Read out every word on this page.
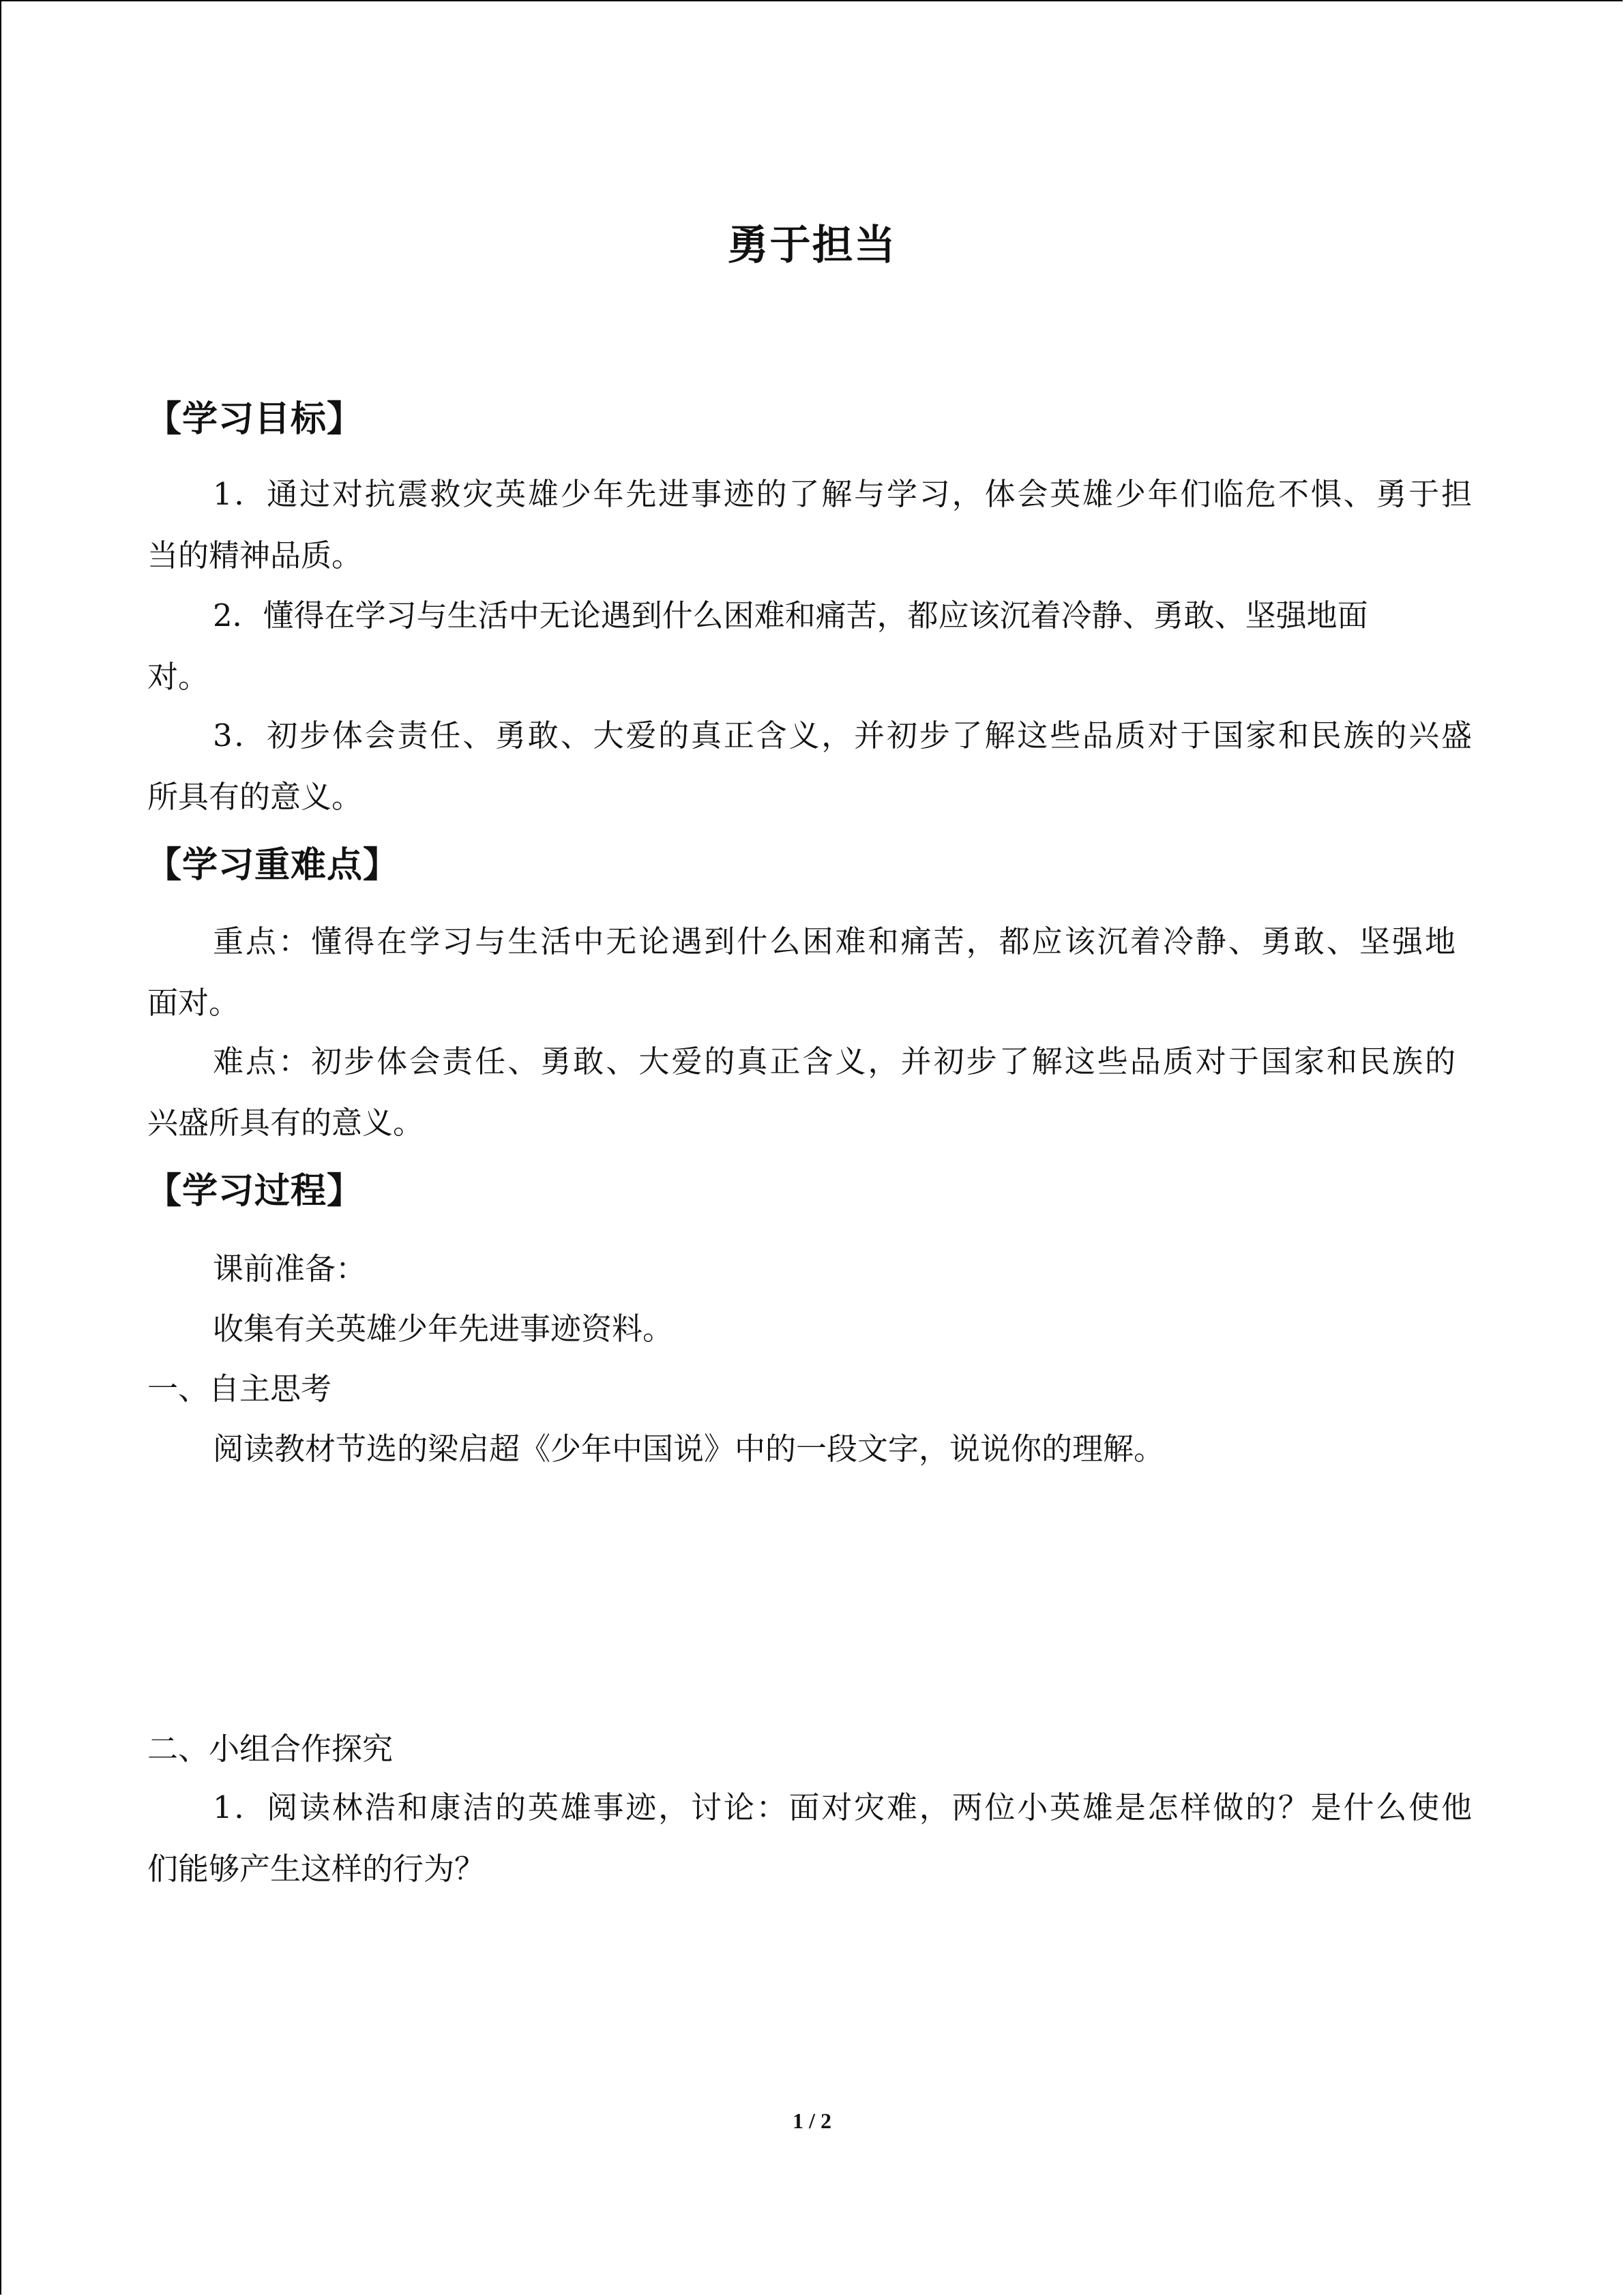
勇于担当
【学习目标】
1．通过对抗震救灾英雄少年先进事迹的了解与学习，体会英雄少年们临危不惧、勇于担
当的精神品质。
2．懂得在学习与生活中无论遇到什么困难和痛苦，都应该沉着冷静、勇敢、坚强地面
对。
3．初步体会责任、勇敢、大爱的真正含义，并初步了解这些品质对于国家和民族的兴盛
所具有的意义。
【学习重难点】
重点：懂得在学习与生活中无论遇到什么困难和痛苦，都应该沉着冷静、勇敢、坚强地
面对。
难点：初步体会责任、勇敢、大爱的真正含义，并初步了解这些品质对于国家和民族的
兴盛所具有的意义。
【学习过程】
课前准备：
收集有关英雄少年先进事迹资料。
一、自主思考
阅读教材节选的梁启超《少年中国说》中的一段文字，说说你的理解。
二、小组合作探究
1．阅读林浩和康洁的英雄事迹，讨论：面对灾难，两位小英雄是怎样做的？是什么使他
们能够产生这样的行为？
1 / 2
